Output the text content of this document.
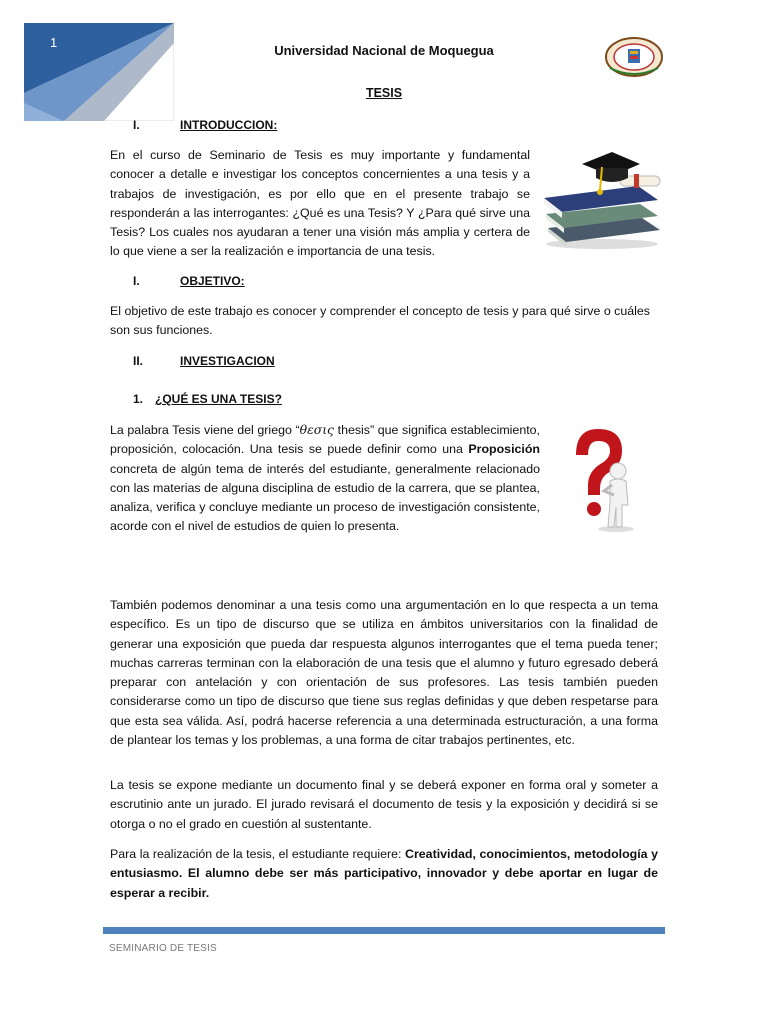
1
Universidad Nacional de Moquegua
TESIS
I.	INTRODUCCION:
En el curso de Seminario de Tesis es muy importante y fundamental conocer a detalle e investigar los conceptos concernientes a una tesis y a trabajos de investigación, es por ello que en el presente trabajo se responderán a las interrogantes: ¿Qué es una Tesis? Y ¿Para qué sirve una Tesis? Los cuales nos ayudaran a tener una visión más amplia y certera de lo que viene a ser la realización e importancia de una tesis.
I.	OBJETIVO:
El objetivo de este trabajo es conocer y comprender el concepto de tesis y para qué sirve o cuáles son sus funciones.
II.	INVESTIGACION
1. ¿QUÉ ES UNA TESIS?
La palabra Tesis viene del griego “θεσις thesis” que significa establecimiento, proposición, colocación. Una tesis se puede definir como una Proposición concreta de algún tema de interés del estudiante, generalmente relacionado con las materias de alguna disciplina de estudio de la carrera, que se plantea, analiza, verifica y concluye mediante un proceso de investigación consistente, acorde con el nivel de estudios de quien lo presenta.
También podemos denominar a una tesis como una argumentación en lo que respecta a un tema específico. Es un tipo de discurso que se utiliza en ámbitos universitarios con la finalidad de generar una exposición que pueda dar respuesta algunos interrogantes que el tema pueda tener; muchas carreras terminan con la elaboración de una tesis que el alumno y futuro egresado deberá preparar con antelación y con orientación de sus profesores. Las tesis también pueden considerarse como un tipo de discurso que tiene sus reglas definidas y que deben respetarse para que esta sea válida. Así, podrá hacerse referencia a una determinada estructuración, a una forma de plantear los temas y los problemas, a una forma de citar trabajos pertinentes, etc.
La tesis se expone mediante un documento final y se deberá exponer en forma oral y someter a escrutinio ante un jurado. El jurado revisará el documento de tesis y la exposición y decidirá si se otorga o no el grado en cuestión al sustentante.
Para la realización de la tesis, el estudiante requiere: Creatividad, conocimientos, metodología y entusiasmo. El alumno debe ser más participativo, innovador y debe aportar en lugar de esperar a recibir.
SEMINARIO DE TESIS
